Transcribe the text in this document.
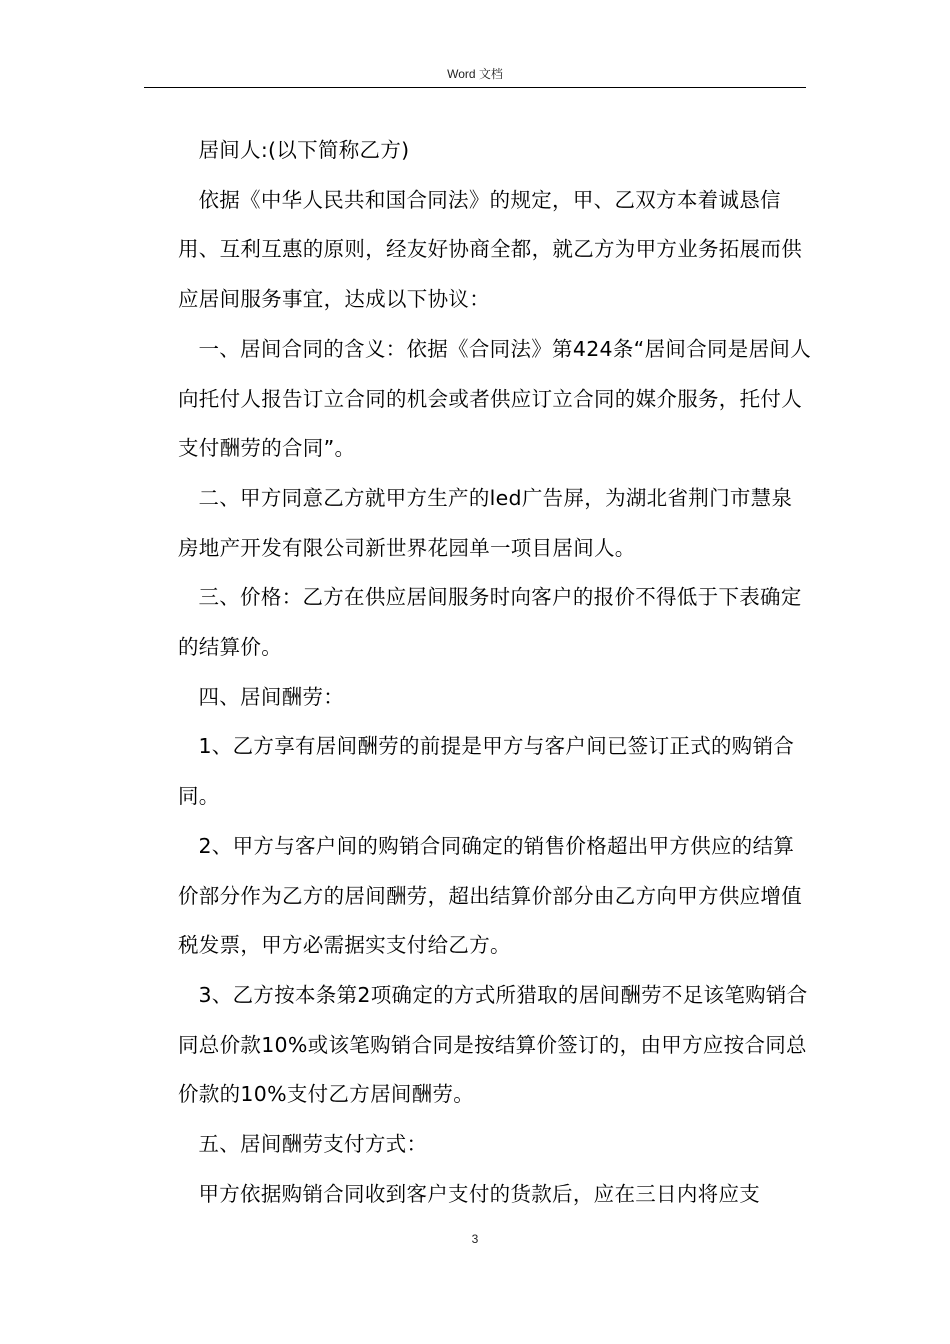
Word 文档

居间人:(以下简称乙方)

依据《中华人民共和国合同法》的规定，甲、乙双方本着诚恳信用、互利互惠的原则，经友好协商全都，就乙方为甲方业务拓展而供应居间服务事宜，达成以下协议：

一、居间合同的含义：依据《合同法》第424条“居间合同是居间人向托付人报告订立合同的机会或者供应订立合同的媒介服务，托付人支付酬劳的合同”。

二、甲方同意乙方就甲方生产的led广告屏，为湖北省荆门市慧泉房地产开发有限公司新世界花园单一项目居间人。

三、价格：乙方在供应居间服务时向客户的报价不得低于下表确定的结算价。

四、居间酬劳：

1、乙方享有居间酬劳的前提是甲方与客户间已签订正式的购销合同。

2、甲方与客户间的购销合同确定的销售价格超出甲方供应的结算价部分作为乙方的居间酬劳，超出结算价部分由乙方向甲方供应增值税发票，甲方必需据实支付给乙方。

3、乙方按本条第2项确定的方式所猎取的居间酬劳不足该笔购销合同总价款10%或该笔购销合同是按结算价签订的，由甲方应按合同总价款的10%支付乙方居间酬劳。

五、居间酬劳支付方式：

甲方依据购销合同收到客户支付的货款后，应在三日内将应支

3
